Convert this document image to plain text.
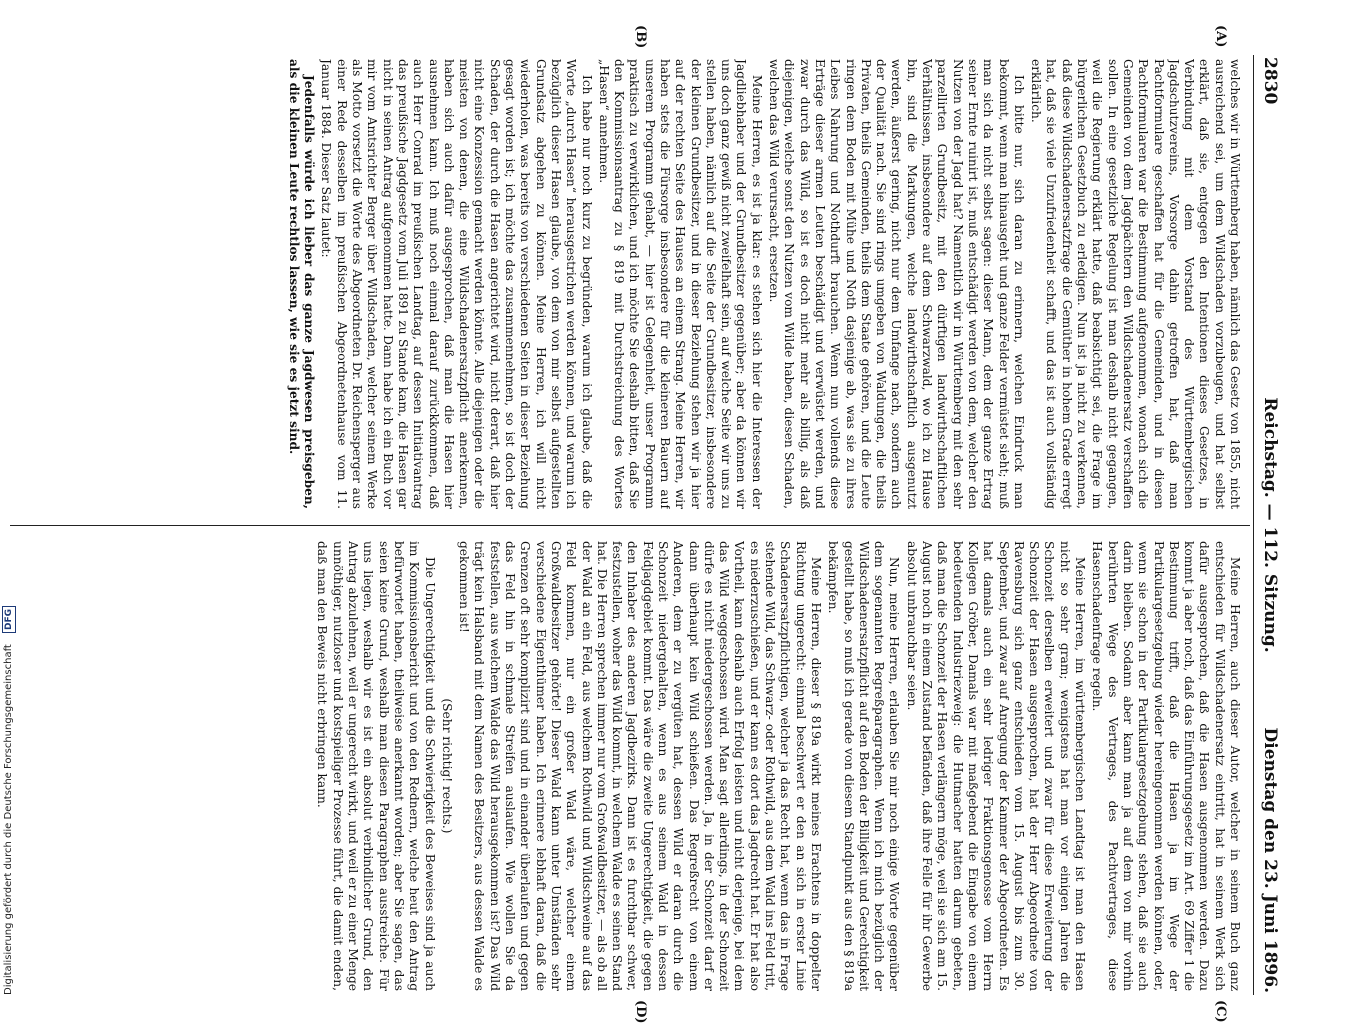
2830
Reichstag. — 112. Sitzung.
Dienstag den 23. Juni 1896.
(A)
(B)
(C)
(D)

welches wir in Württemberg haben, nämlich das Gesetz von 1855, nicht ausreichend sei, um dem Wildschaden vorzubeugen, und hat selbst erklärt, daß sie, entgegen den Intentionen dieses Gesetzes, in Verbindung mit dem Vorstand des Württembergischen Jagdschutzvereins, Vorsorge dahin getroffen hat, daß man Pachtformulare geschaffen hat für die Gemeinden, und in diesen Pachtformularen war die Bestimmung aufgenommen, wonach sich die Gemeinden von dem Jagdpächtern den Wildschadenersatz verschaffen sollen. In eine gesetzliche Regelung ist man deshalb nicht gegangen, weil die Regierung erklärt hatte, daß beabsichtigt sei, die Frage im bürgerlichen Gesetzbuch zu erledigen. Nun ist ja nicht zu verkennen, daß diese Wildschadenersatzfrage die Gemüther in hohem Grade erregt hat, daß sie viele Unzufriedenheit schafft, und das ist auch vollständig erklärlich.

Ich bitte nur, sich daran zu erinnern, welchen Eindruck man bekommt, wenn man hinausgeht und ganze Felder vermüstet sieht; muß man sich da nicht selbst sagen: dieser Mann, dem der ganze Ertrag seiner Ernte ruinirt ist, muß entschädigt werden von dem, welcher den Nutzen von der Jagd hat? Namentlich wir in Württemberg mit den sehr parzellirten Grundbesitz, mit den dürftigen landwirthschaftlichen Verhältnissen, insbesondere auf dem Schwarzwald, wo ich zu Hause bin, sind die Markungen, welche landwirthschaftlich ausgenutzt werden, äußerst gering, nicht nur dem Umfange nach, sondern auch der Qualität nach. Sie sind rings umgeben von Waldungen, die theils Privaten, theils Gemeinden, theils dem Staate gehören, und die Leute ringen dem Boden mit Mühe und Noth dasjenige ab, was sie zu ihres Leibes Nahrung und Nothdurft brauchen. Wenn nun vollends diese Erträge dieser armen Leuten beschädigt und verwüstet werden, und zwar durch das Wild, so ist es doch nicht mehr als billig, als daß diejenigen, welche sonst den Nutzen vom Wilde haben, diesen Schaden, welchen das Wild verursacht, ersetzen.

Meine Herren, es ist ja klar: es stehen sich hier die Interessen der Jagdliebhaber und der Grundbesitzer gegenüber; aber da können wir uns doch ganz gewiß nicht zweifelhaft sein, auf welche Seite wir uns zu stellen haben, nämlich auf die Seite der Grundbesitzer, insbesondere der kleinen Grundbesitzer, und in dieser Beziehung stehen wir ja hier auf der rechten Seite des Hauses an einem Strang. Meine Herren, wir haben stets die Fürsorge insbesondere für die kleineren Bauern auf unserem Programm gehabt, — hier ist Gelegenheit, unser Programm praktisch zu verwirklichen, und ich möchte Sie deshalb bitten, daß Sie den Kommissionsantrag zu § 819 mit Durchstreichung des Wortes „Hasen“ annehmen.

Ich habe nur noch kurz zu begründen, warum ich glaube, daß die Worte „durch Hasen“ herausgestrichen werden können, und warum ich bezüglich dieser Hasen glaube, von dem von mir selbst aufgestellten Grundsatz abgehen zu können. Meine Herren, ich will nicht wiederholen, was bereits von verschiedenen Seiten in dieser Beziehung gesagt worden ist; ich möchte das zusammennehmen, so ist doch der Schaden, der durch die Hasen angerichtet wird, nicht derart, daß hier nicht eine Konzession gemacht werden könnte. Alle diejenigen oder die meisten von denen, die eine Wildschadenersatzpflicht anerkennen, haben sich auch dafür ausgesprochen, daß man die Hasen hier ausnehmen kann. Ich muß noch einmal darauf zurückkommen, daß auch Herr Conrad im preußischen Landtag, auf dessen Initiativantrag das preußische Jagdgesetz vom Juli 1891 zu Stande kam, die Hasen gar nicht in seinen Antrag aufgenommen hatte. Dann habe ich ein Buch vor mir vom Amtsrichter Berger über Wildschaden, welcher seinem Werke als Motto vorsetzt die Worte des Abgeordneten Dr. Reichensperger aus einer Rede desselben im preußischen Abgeordnetenhause vom 11. Januar 1884. Dieser Satz lautet:

Jedenfalls würde ich lieber das ganze Jagdwesen preisgeben, als die kleinen Leute rechtlos lassen, wie sie es jetzt sind.

Meine Herren, auch dieser Autor, welcher in seinem Buch ganz entschieden für Wildschadenersatz eintritt, hat in seinem Werk sich dafür ausgesprochen, daß die Hasen ausgenommen werden. Dazu kommt ja aber noch, daß das Einführungsgesetz im Art. 69 Ziffer 1 die Bestimmung trifft, daß die Hasen ja im Wege der Partikulargesetzgebung wieder hereingenommen werden können, oder, wenn sie schon in der Partikulargesetzgebung stehen, daß sie auch darin bleiben. Sodann aber kann man ja auf dem von mir vorhin berührten Wege des Vertrages, des Pachtvertrages, diese Hasenschadenfrage regeln.

Meine Herren, im württembergischen Landtag ist man den Hasen nicht so sehr gram; wenigstens hat man vor einigen Jahren die Schonzeit derselben erweitert und zwar für diese Erweiterung der Schonzeit der Hasen ausgesprochen, hat der Herr Abgeordnete von Ravensburg sich ganz entschieden vom 15. August bis zum 30. September, und zwar auf Anregung der Kammer der Abgeordneten. Es hat damals auch ein sehr ledriger Fraktionsgenosse vom Herrn Kollegen Gröber, Damals war mit maßgebend die Eingabe von einem bedeutenden Industriezweig: die Hutmacher hatten darum gebeten, daß man die Schonzeit der Hasen verlängern möge, weil sie sich am 15. August noch in einem Zustand befänden, daß ihre Felle für ihr Gewerbe absolut unbrauchbar seien.

Nun, meine Herren, erlauben Sie mir noch einige Worte gegenüber dem sogenannten Regreßparagraphen. Wenn ich mich bezüglich der Wildschadenersatzpflicht auf den Boden der Billigkeit und Gerechtigkeit gestellt habe, so muß ich gerade von diesem Standpunkt aus den § 819a bekämpfen.

Meine Herren, dieser § 819a wirkt meines Erachtens in doppelter Richtung ungerecht: einmal beschwert er den an sich in erster Linie Schadenersatzpflichtigen, welcher ja das Recht hat, wenn das in Frage stehende Wild, das Schwarz- oder Rothwild, aus dem Wald ins Feld tritt, es niederzuschießen, und er kann es dort das Jagdrecht hat. Er hat also Vortheil, kann deshalb auch Erfolg leisten und nicht derjenige, bei dem das Wild weggeschossen wird. Man sagt allerdings, in der Schonzeit dürfe es nicht niedergeschossen werden. Ja, in der Schonzeit darf er dann überhaupt kein Wild schießen. Das Regreßrecht von einem Anderen, dem er zu vergüten hat, dessen Wild er daran durch die Schonzeit niedergehalten, wenn es aus seinem Wald in dessen Feldjagdgebiet kommt. Das wäre die zweite Ungerechtigkeit, die gegen den Inhaber des anderen Jagdbezirks. Dann ist es furchtbar schwer, festzustellen, woher das Wild kommt, in welchem Walde es seinen Stand hat. Die Herren sprechen immer nur vom Großwaldbesitzer, — als ob all der Wald an ein Feld, aus welchem Rothwild und Wildschweine auf das Feld kommen, nur ein großer Wald wäre, welcher einem Großwaldbesitzer gehörte! Dieser Wald kann unter Umständen sehr verschiedene Eigenthümer haben. Ich erinnere lebhaft daran, daß die Grenzen oft sehr komplizirt sind und in einander überlaufen und gegen das Feld hin in schmale Streifen auslaufen. Wie wollen Sie da feststellen, aus welchem Walde das Wild herausgekommen ist? Das Wild trägt kein Halsband mit dem Namen des Besitzers, aus dessen Walde es gekommen ist!

(Sehr richtig! rechts.)

Die Ungerechtigkeit und die Schwierigkeit des Beweises sind ja auch im Kommissionsbericht und von den Rednern, welche heut den Antrag befürwortet haben, theilweise anerkannt worden; aber Sie sagen, das seien keine Grund, weshalb man diesen Paragraphen ausstreiche. Für uns liegen, weshalb wir es ist ein absolut verbindlicher Grund, den Antrag abzulehnen, weil er ungerecht wirkt, und weil er zu einer Menge unnöthiger, nutzloser und kostspieliger Prozesse führt, die damit enden, daß man den Beweis nicht erbringen kann.

Digitalisierung gefördert durch die Deutsche Forschungsgemeinschaft DFG
